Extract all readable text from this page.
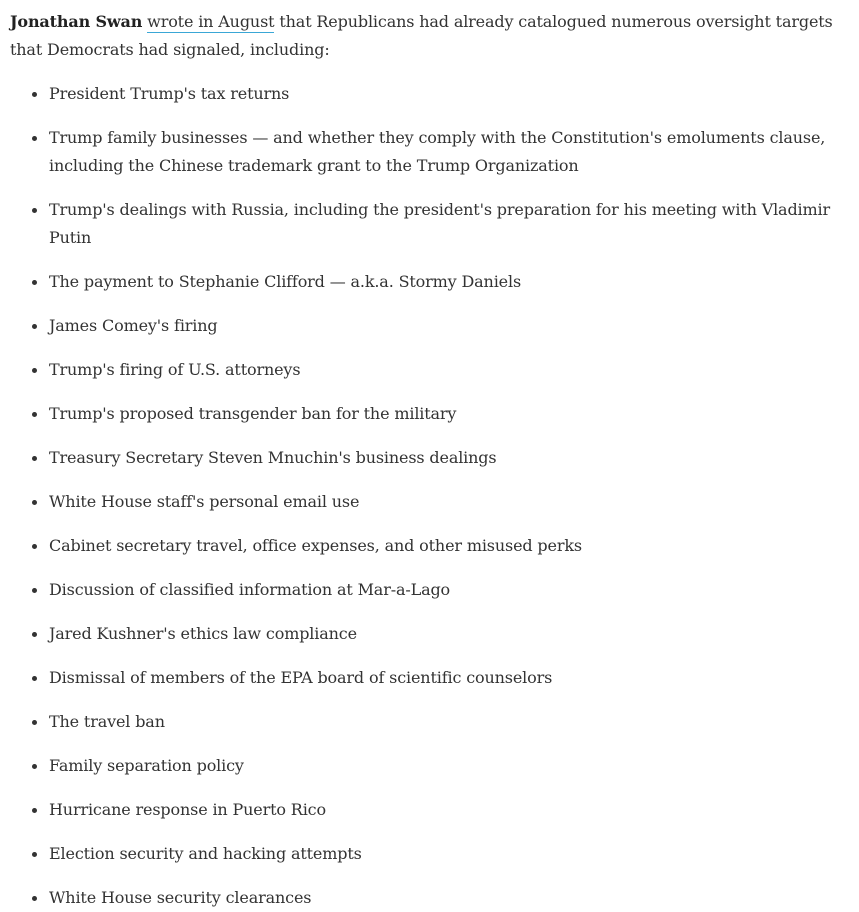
Jonathan Swan wrote in August that Republicans had already catalogued numerous oversight targets that Democrats had signaled, including:

President Trump's tax returns
Trump family businesses — and whether they comply with the Constitution's emoluments clause, including the Chinese trademark grant to the Trump Organization
Trump's dealings with Russia, including the president's preparation for his meeting with Vladimir Putin
The payment to Stephanie Clifford — a.k.a. Stormy Daniels
James Comey's firing
Trump's firing of U.S. attorneys
Trump's proposed transgender ban for the military
Treasury Secretary Steven Mnuchin's business dealings
White House staff's personal email use
Cabinet secretary travel, office expenses, and other misused perks
Discussion of classified information at Mar-a-Lago
Jared Kushner's ethics law compliance
Dismissal of members of the EPA board of scientific counselors
The travel ban
Family separation policy
Hurricane response in Puerto Rico
Election security and hacking attempts
White House security clearances
